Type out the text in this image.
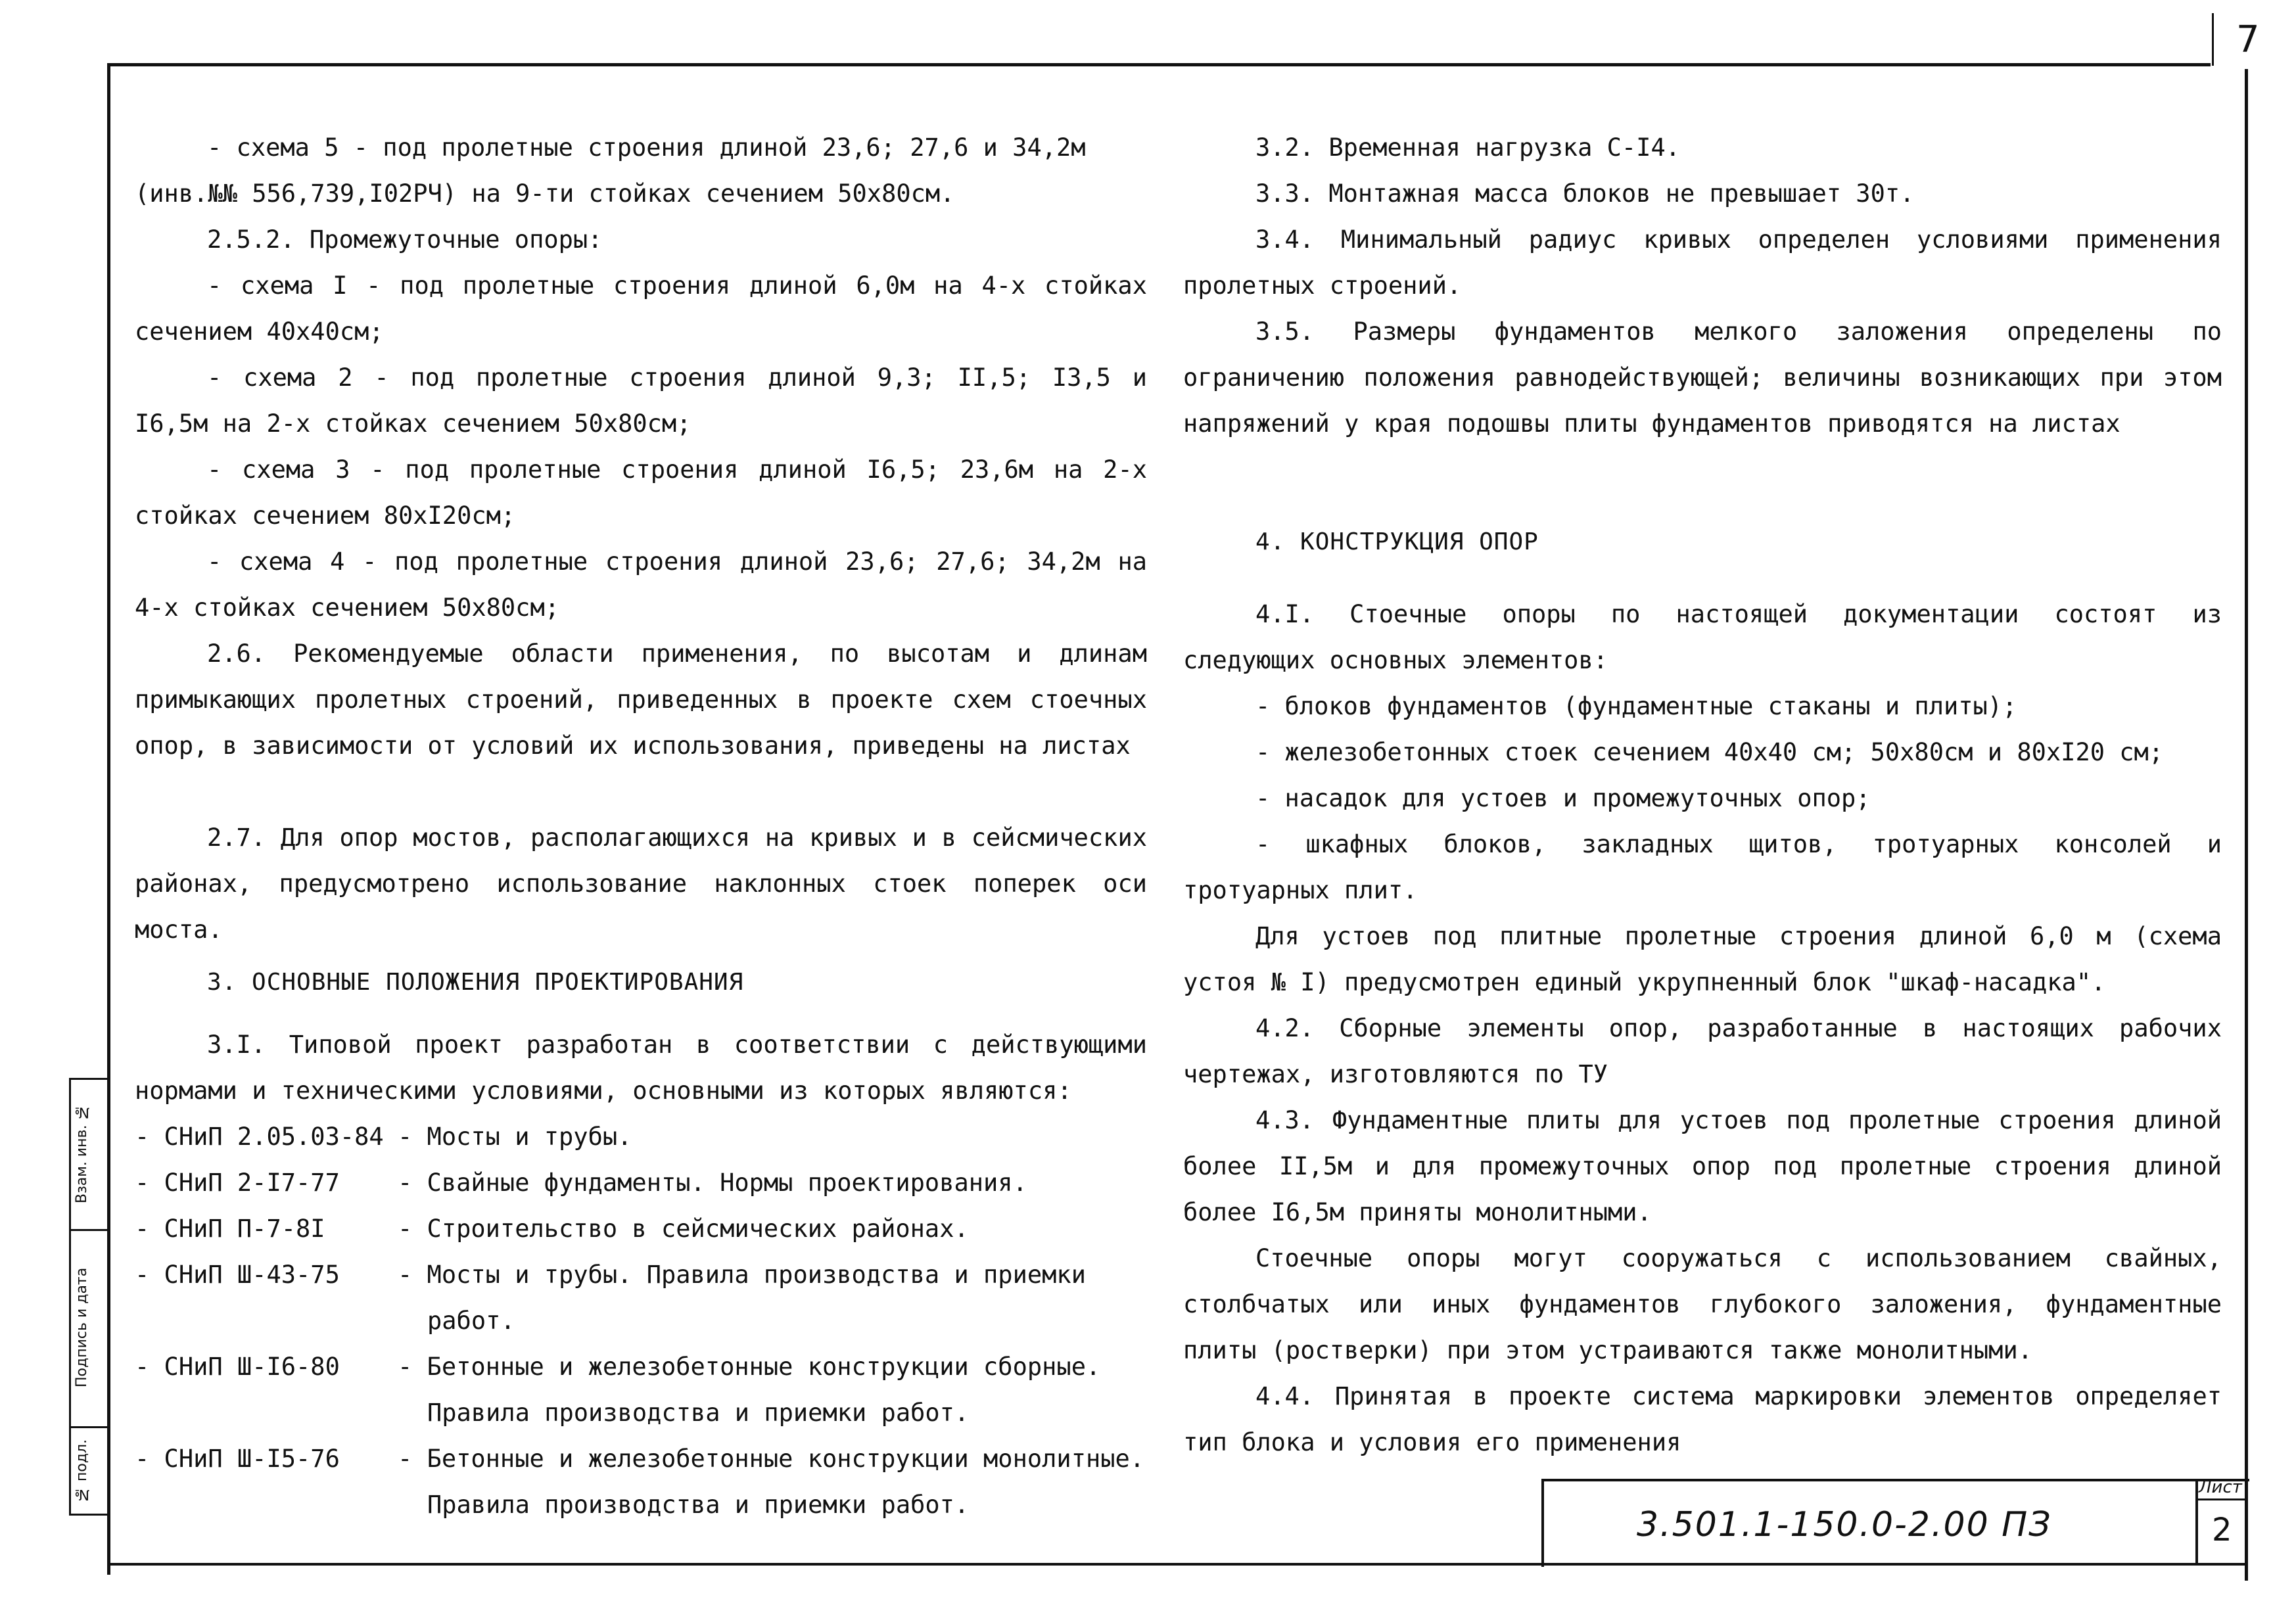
7

- схема 5 - под пролетные строения длиной 23,6; 27,6 и 34,2м

(инв.№№ 556,739,I02РЧ) на 9-ти стойках сечением 50х80см.

2.5.2. Промежуточные опоры:

- схема I - под пролетные строения длиной 6,0м на 4-х стойках сечением 40х40см;

- схема 2 - под пролетные строения длиной 9,3; II,5; I3,5 и I6,5м на 2-х стойках сечением 50х80см;

- схема 3 - под пролетные строения длиной I6,5; 23,6м на 2-х стойках сечением 80хI20см;

- схема 4 - под пролетные строения длиной 23,6; 27,6; 34,2м на 4-х стойках сечением 50х80см;

2.6. Рекомендуемые области применения, по высотам и длинам примыкающих пролетных строений, приведенных в проекте схем стоечных опор, в зависимости от условий их использования, приведены на листах

2.7. Для опор мостов, располагающихся на кривых и в сейсмических районах, предусмотрено использование наклонных стоек поперек оси моста.

3. ОСНОВНЫЕ ПОЛОЖЕНИЯ ПРОЕКТИРОВАНИЯ

3.I. Типовой проект разработан в соответствии с действующими нормами и техническими условиями, основными из которых являются:

- СНиП 2.05.03-84 - Мосты и трубы.
- СНиП 2-I7-77	- Свайные фундаменты. Нормы проектирования.
- СНиП П-7-8I	- Строительство в сейсмических районах.
- СНиП Ш-43-75	- Мосты и трубы. Правила производства и приемки работ.
- СНиП Ш-I6-80	- Бетонные и железобетонные конструкции сборные. Правила производства и приемки работ.
- СНиП Ш-I5-76	- Бетонные и железобетонные конструкции монолитные. Правила производства и приемки работ.

3.2. Временная нагрузка С-I4.

3.3. Монтажная масса блоков не превышает 30т.

3.4. Минимальный радиус кривых определен условиями применения пролетных строений.

3.5. Размеры фундаментов мелкого заложения определены по ограничению положения равнодействующей; величины возникающих при этом напряжений у края подошвы плиты фундаментов приводятся на листах

4. КОНСТРУКЦИЯ ОПОР

4.I. Стоечные опоры по настоящей документации состоят из следующих основных элементов:

- блоков фундаментов (фундаментные стаканы и плиты);

- железобетонных стоек сечением 40х40 см; 50х80см и 80хI20 см;

- насадок для устоев и промежуточных опор;

- шкафных блоков, закладных щитов, тротуарных консолей и тротуарных плит.

Для устоев под плитные пролетные строения длиной 6,0 м (схема устоя № I) предусмотрен единый укрупненный блок "шкаф-насадка".

4.2. Сборные элементы опор, разработанные в настоящих рабочих чертежах, изготовляются по ТУ

4.3. Фундаментные плиты для устоев под пролетные строения длиной более II,5м и для промежуточных опор под пролетные строения длиной более I6,5м приняты монолитными.

Стоечные опоры могут сооружаться с использованием свайных, столбчатых или иных фундаментов глубокого заложения, фундаментные плиты (ростверки) при этом устраиваются также монолитными.

4.4. Принятая в проекте система маркировки элементов определяет тип блока и условия его применения

Взам. инв. №
Подпись и дата
№ подл.
3.501.1-150.0-2.00 ПЗ
Лист
2
